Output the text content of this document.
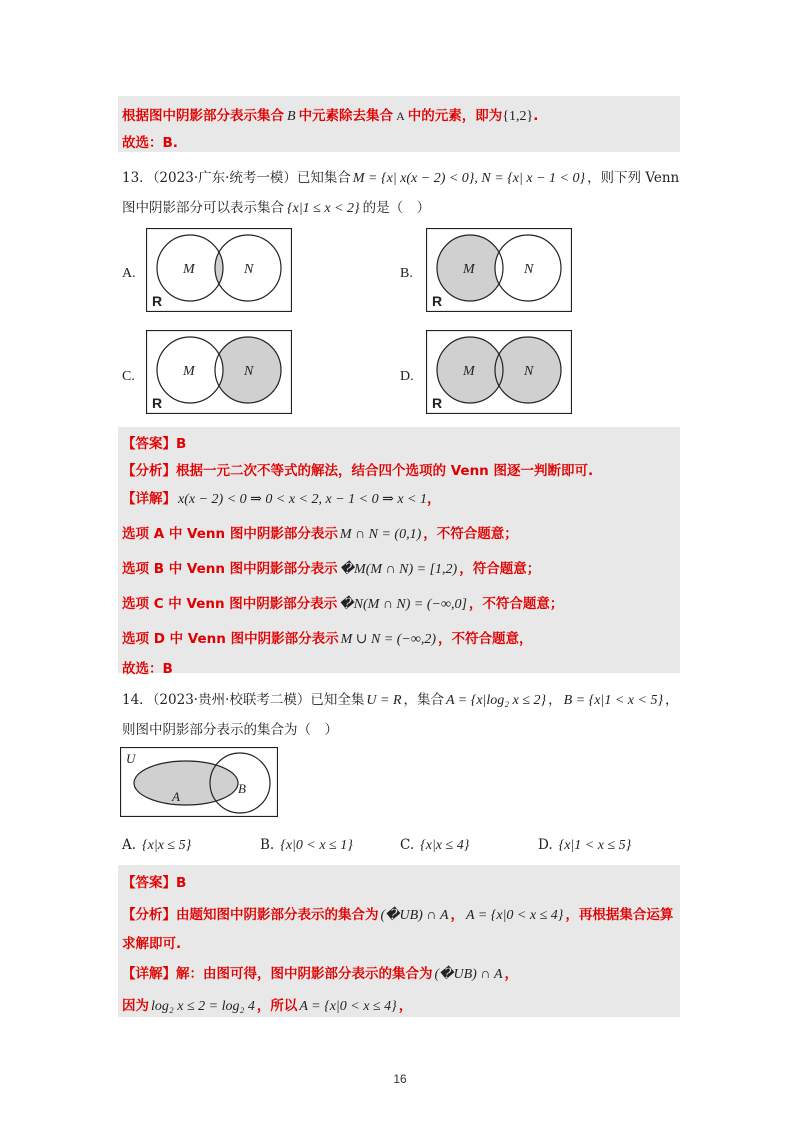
根据图中阴影部分表示集合 B 中元素除去集合 A 中的元素，即为{1,2}.
故选：B.
13．（2023·广东·统考一模）已知集合 M = {x| x(x − 2) < 0}, N = {x| x − 1 < 0} ，则下列 Venn
图中阴影部分可以表示集合 {x|1 ≤ x < 2} 的是（　）
A.	M	N
R
B.	M	N
R
C.	M	N
R
D.	M	N
R
【答案】B
【分析】根据一元二次不等式的解法，结合四个选项的 Venn 图逐一判断即可.
【详解】 x(x − 2) < 0 ⇒ 0 < x < 2, x − 1 < 0 ⇒ x < 1，
选项 A 中 Venn 图中阴影部分表示 M ∩ N = (0,1) ，不符合题意；
选项 B 中 Venn 图中阴影部分表示 �M(M ∩ N) = [1,2) ，符合题意；
选项 C 中 Venn 图中阴影部分表示 �N(M ∩ N) = (−∞,0] ，不符合题意；
选项 D 中 Venn 图中阴影部分表示 M ∪ N = (−∞,2) ，不符合题意，
故选：B
14．（2023·贵州·校联考二模）已知全集 U = R ，集合 A = {x|log₂ x ≤ 2} ， B = {x|1 < x < 5} ，
则图中阴影部分表示的集合为（　）
U
A
B
A. {x|x ≤ 5}	B. {x|0 < x ≤ 1}	C. {x|x ≤ 4}	D. {x|1 < x ≤ 5}
【答案】B
【分析】由题知图中阴影部分表示的集合为 (�UB) ∩ A ， A = {x|0 < x ≤ 4} ，再根据集合运算
求解即可.
【详解】解：由图可得，图中阴影部分表示的集合为 (�UB) ∩ A ，
因为 log₂ x ≤ 2 = log₂ 4 ，所以 A = {x|0 < x ≤ 4} ，
16
